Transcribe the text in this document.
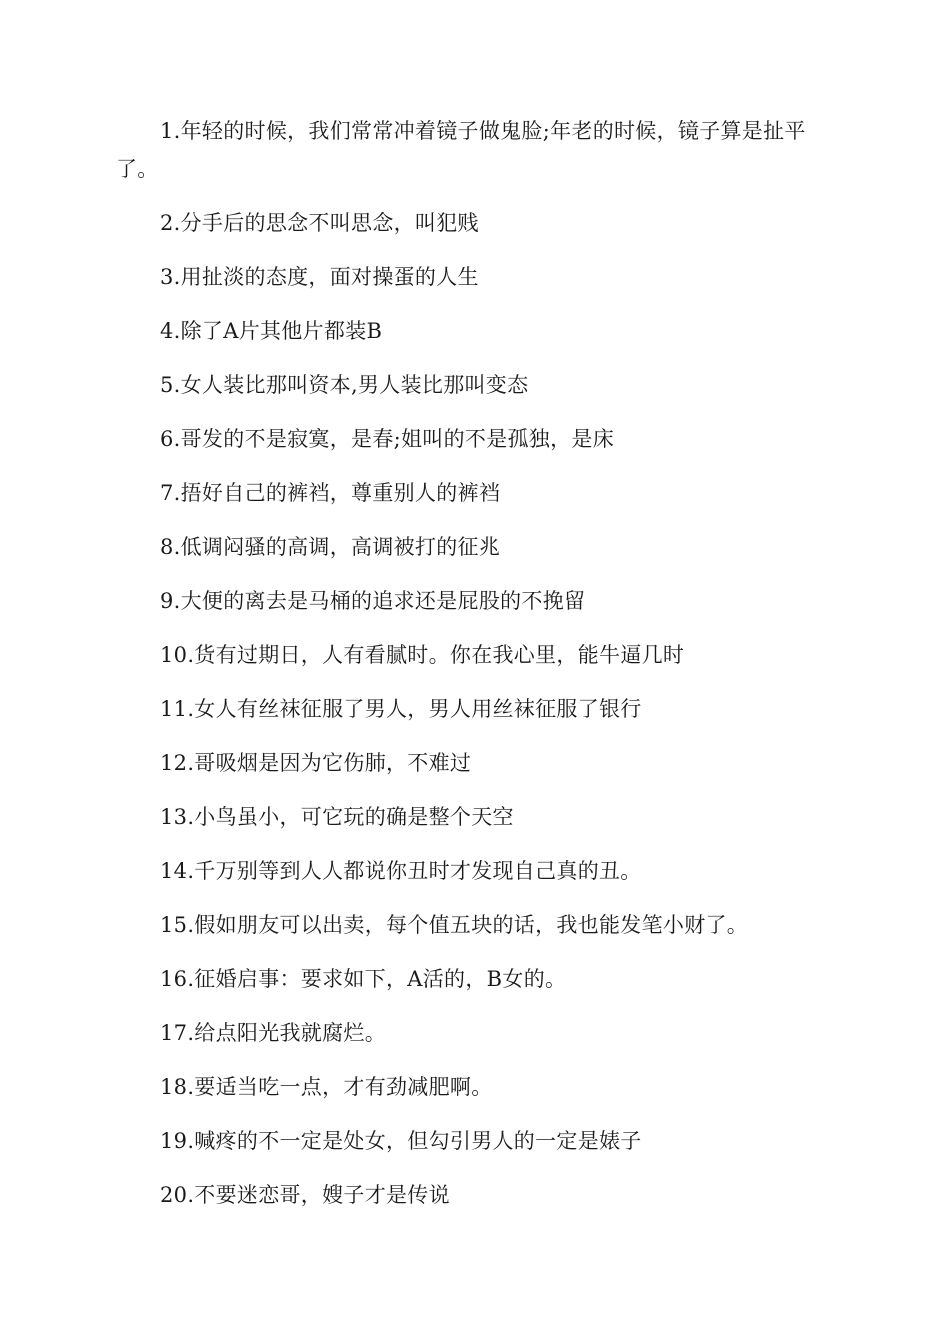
1.年轻的时候，我们常常冲着镜子做鬼脸;年老的时候，镜子算是扯平了。

2.分手后的思念不叫思念，叫犯贱

3.用扯淡的态度，面对操蛋的人生

4.除了A片其他片都装B

5.女人装比那叫资本,男人装比那叫变态

6.哥发的不是寂寞，是春;姐叫的不是孤独，是床

7.捂好自己的裤裆，尊重别人的裤裆

8.低调闷骚的高调，高调被打的征兆

9.大便的离去是马桶的追求还是屁股的不挽留

10.货有过期日，人有看腻时。你在我心里，能牛逼几时

11.女人有丝袜征服了男人，男人用丝袜征服了银行

12.哥吸烟是因为它伤肺，不难过

13.小鸟虽小，可它玩的确是整个天空

14.千万别等到人人都说你丑时才发现自己真的丑。

15.假如朋友可以出卖，每个值五块的话，我也能发笔小财了。

16.征婚启事：要求如下，A活的，B女的。

17.给点阳光我就腐烂。

18.要适当吃一点，才有劲减肥啊。

19.喊疼的不一定是处女，但勾引男人的一定是婊子

20.不要迷恋哥，嫂子才是传说
